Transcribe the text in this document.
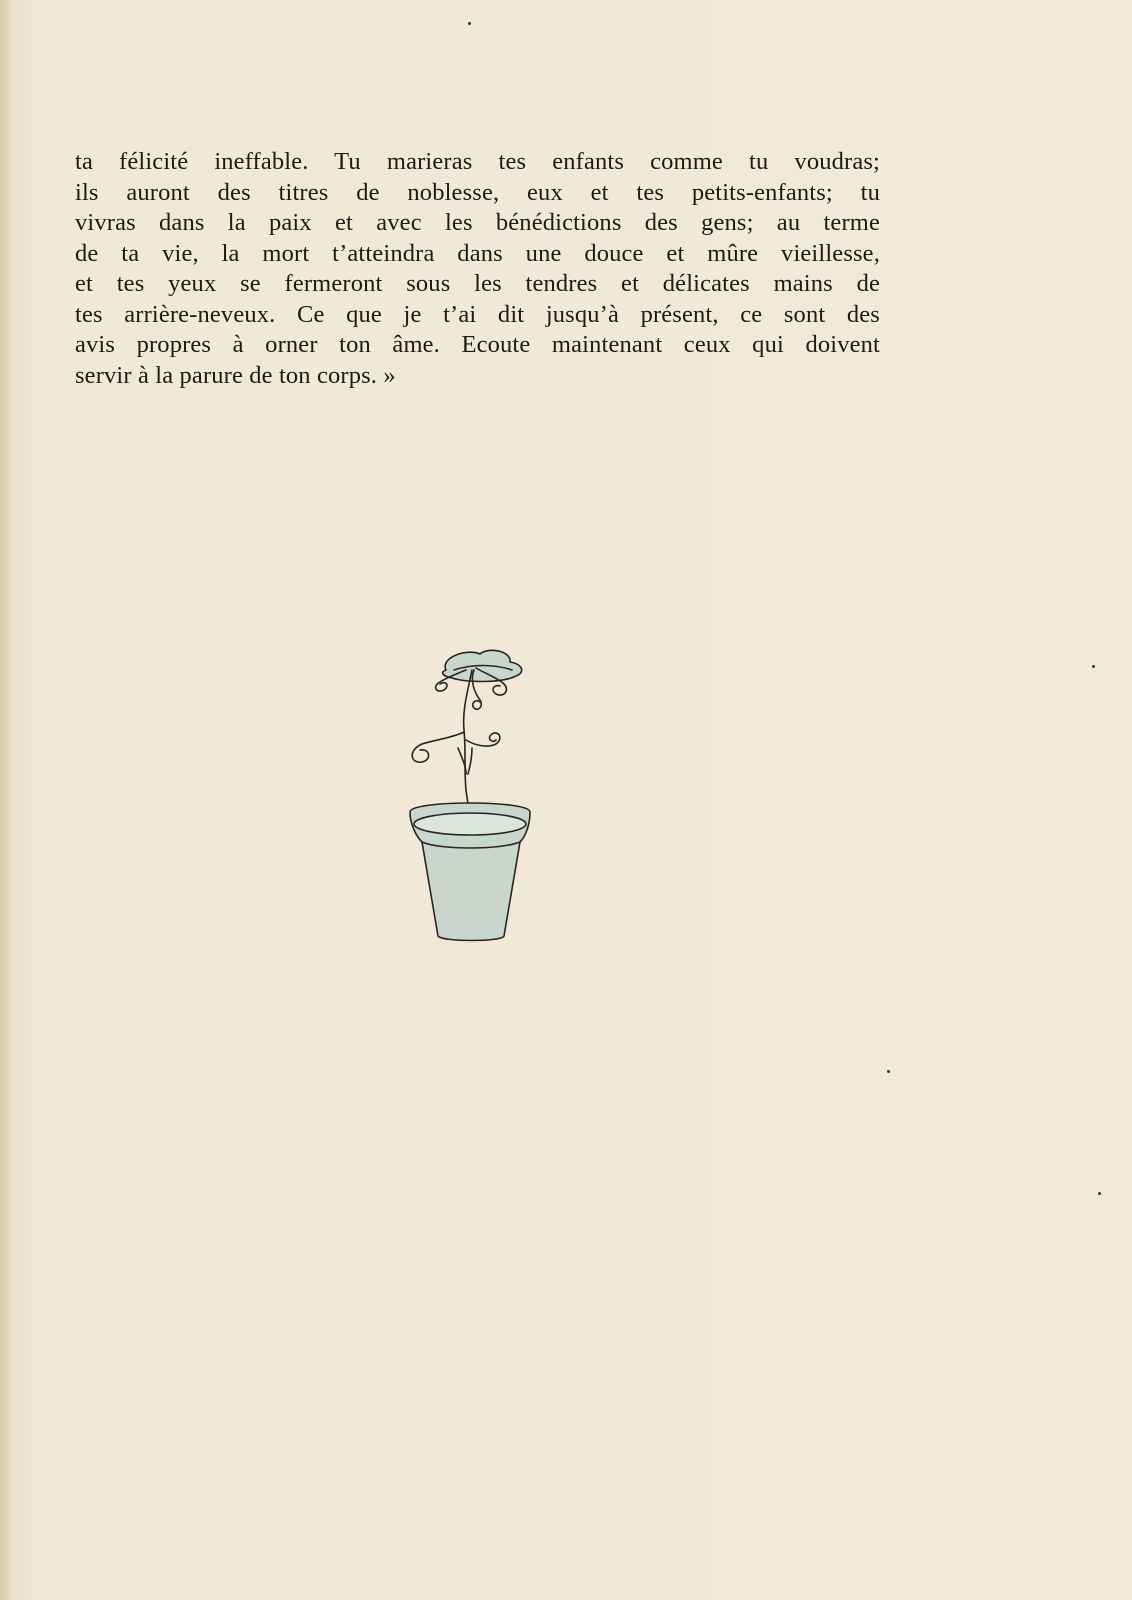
ta félicité ineffable. Tu marieras tes enfants comme tu voudras;
ils auront des titres de noblesse, eux et tes petits-enfants; tu
vivras dans la paix et avec les bénédictions des gens; au terme
de ta vie, la mort t’atteindra dans une douce et mûre vieillesse,
et tes yeux se fermeront sous les tendres et délicates mains de
tes arrière-neveux. Ce que je t’ai dit jusqu’à présent, ce sont des
avis propres à orner ton âme. Ecoute maintenant ceux qui doivent
servir à la parure de ton corps. »
